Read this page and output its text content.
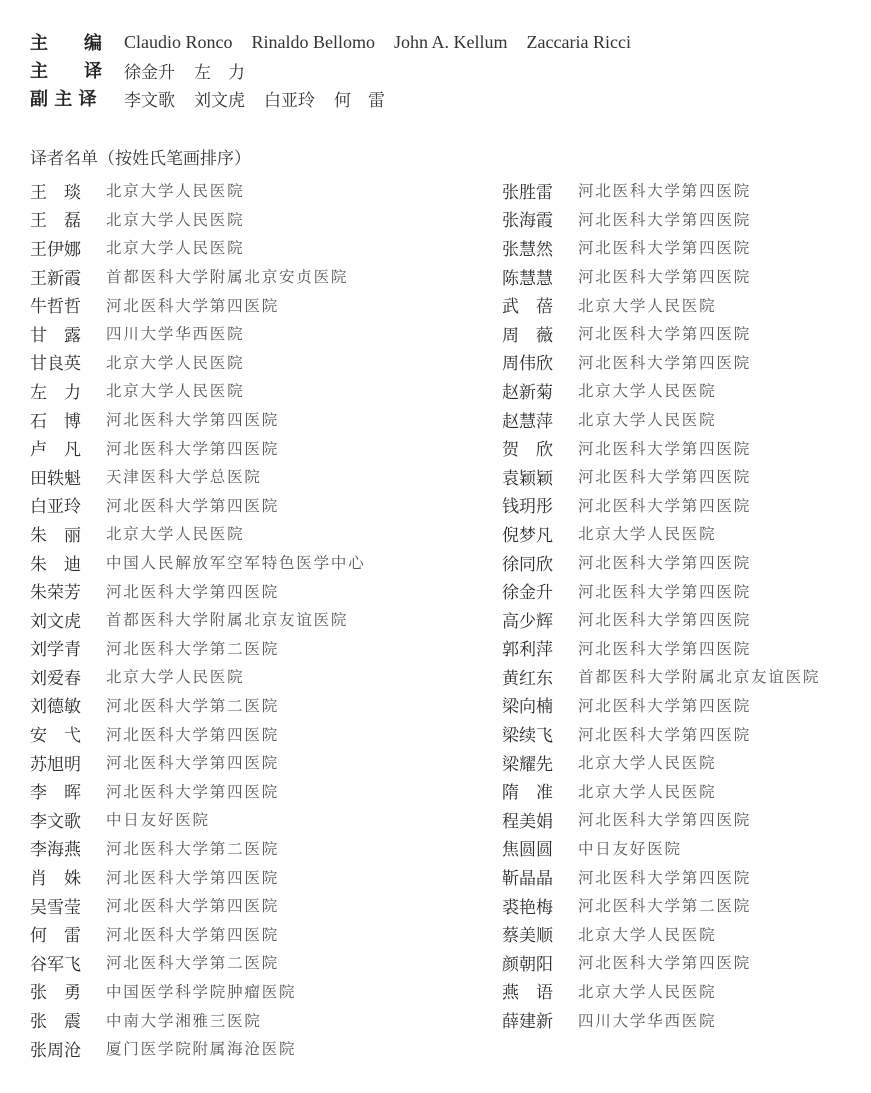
主　　编	Claudio Ronco Rinaldo Bellomo John A. Kellum Zaccaria Ricci
主　　译	徐金升 左　力
副 主 译	李文歌 刘文虎 白亚玲 何　雷
译者名单（按姓氏笔画排序）
王　琰	北京大学人民医院
王　磊	北京大学人民医院
王伊娜	北京大学人民医院
王新霞	首都医科大学附属北京安贞医院
牛哲哲	河北医科大学第四医院
甘　露	四川大学华西医院
甘良英	北京大学人民医院
左　力	北京大学人民医院
石　博	河北医科大学第四医院
卢　凡	河北医科大学第四医院
田轶魁	天津医科大学总医院
白亚玲	河北医科大学第四医院
朱　丽	北京大学人民医院
朱　迪	中国人民解放军空军特色医学中心
朱荣芳	河北医科大学第四医院
刘文虎	首都医科大学附属北京友谊医院
刘学青	河北医科大学第二医院
刘爱春	北京大学人民医院
刘德敏	河北医科大学第二医院
安　弋	河北医科大学第四医院
苏旭明	河北医科大学第四医院
李　晖	河北医科大学第四医院
李文歌	中日友好医院
李海燕	河北医科大学第二医院
肖　姝	河北医科大学第四医院
吴雪莹	河北医科大学第四医院
何　雷	河北医科大学第四医院
谷军飞	河北医科大学第二医院
张　勇	中国医学科学院肿瘤医院
张　震	中南大学湘雅三医院
张周沧	厦门医学院附属海沧医院
张胜雷	河北医科大学第四医院
张海霞	河北医科大学第四医院
张慧然	河北医科大学第四医院
陈慧慧	河北医科大学第四医院
武　蓓	北京大学人民医院
周　薇	河北医科大学第四医院
周伟欣	河北医科大学第四医院
赵新菊	北京大学人民医院
赵慧萍	北京大学人民医院
贺　欣	河北医科大学第四医院
袁颖颖	河北医科大学第四医院
钱玥彤	河北医科大学第四医院
倪梦凡	北京大学人民医院
徐同欣	河北医科大学第四医院
徐金升	河北医科大学第四医院
高少辉	河北医科大学第四医院
郭利萍	河北医科大学第四医院
黄红东	首都医科大学附属北京友谊医院
梁向楠	河北医科大学第四医院
梁续飞	河北医科大学第四医院
梁耀先	北京大学人民医院
隋　准	北京大学人民医院
程美娟	河北医科大学第四医院
焦圆圆	中日友好医院
靳晶晶	河北医科大学第四医院
裘艳梅	河北医科大学第二医院
蔡美顺	北京大学人民医院
颜朝阳	河北医科大学第四医院
燕　语	北京大学人民医院
薛建新	四川大学华西医院
